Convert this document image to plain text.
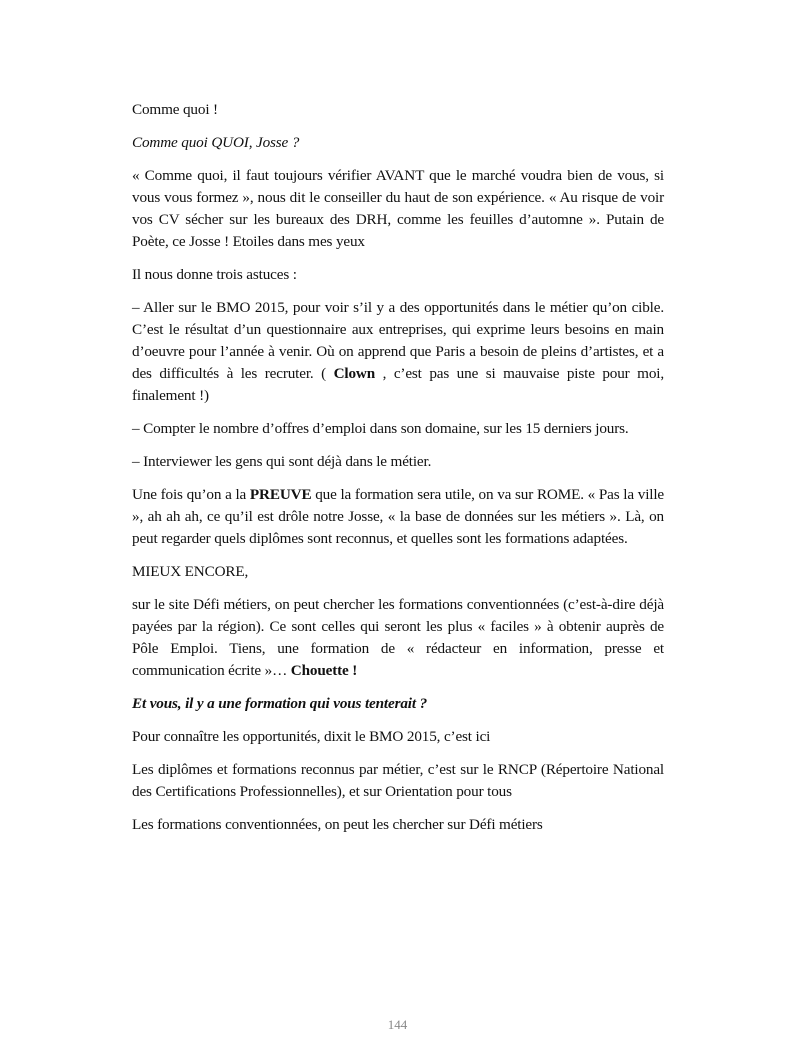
Comme quoi !

Comme quoi QUOI, Josse ?

« Comme quoi, il faut toujours vérifier AVANT que le marché voudra bien de vous, si vous vous formez », nous dit le conseiller du haut de son expérience. « Au risque de voir vos CV sécher sur les bureaux des DRH, comme les feuilles d’automne ». Putain de Poète, ce Josse ! Etoiles dans mes yeux

Il nous donne trois astuces :

– Aller sur le BMO 2015, pour voir s’il y a des opportunités dans le métier qu’on cible. C’est le résultat d’un questionnaire aux entreprises, qui exprime leurs besoins en main d’oeuvre pour l’année à venir. Où on apprend que Paris a besoin de pleins d’artistes, et a des difficultés à les recruter. ( Clown , c’est pas une si mauvaise piste pour moi, finalement !)

– Compter le nombre d’offres d’emploi dans son domaine, sur les 15 derniers jours.

– Interviewer les gens qui sont déjà dans le métier.

Une fois qu’on a la PREUVE que la formation sera utile, on va sur ROME. « Pas la ville », ah ah ah, ce qu’il est drôle notre Josse, « la base de données sur les métiers ». Là, on peut regarder quels diplômes sont reconnus, et quelles sont les formations adaptées.

MIEUX ENCORE,

sur le site Défi métiers, on peut chercher les formations conventionnées (c’est-à-dire déjà payées par la région). Ce sont celles qui seront les plus « faciles » à obtenir auprès de Pôle Emploi. Tiens, une formation de « rédacteur en information, presse et communication écrite »… Chouette !

Et vous, il y a une formation qui vous tenterait ?

Pour connaître les opportunités, dixit le BMO 2015, c’est ici

Les diplômes et formations reconnus par métier, c’est sur le RNCP (Répertoire National des Certifications Professionnelles), et sur Orientation pour tous

Les formations conventionnées, on peut les chercher sur Défi métiers

144
